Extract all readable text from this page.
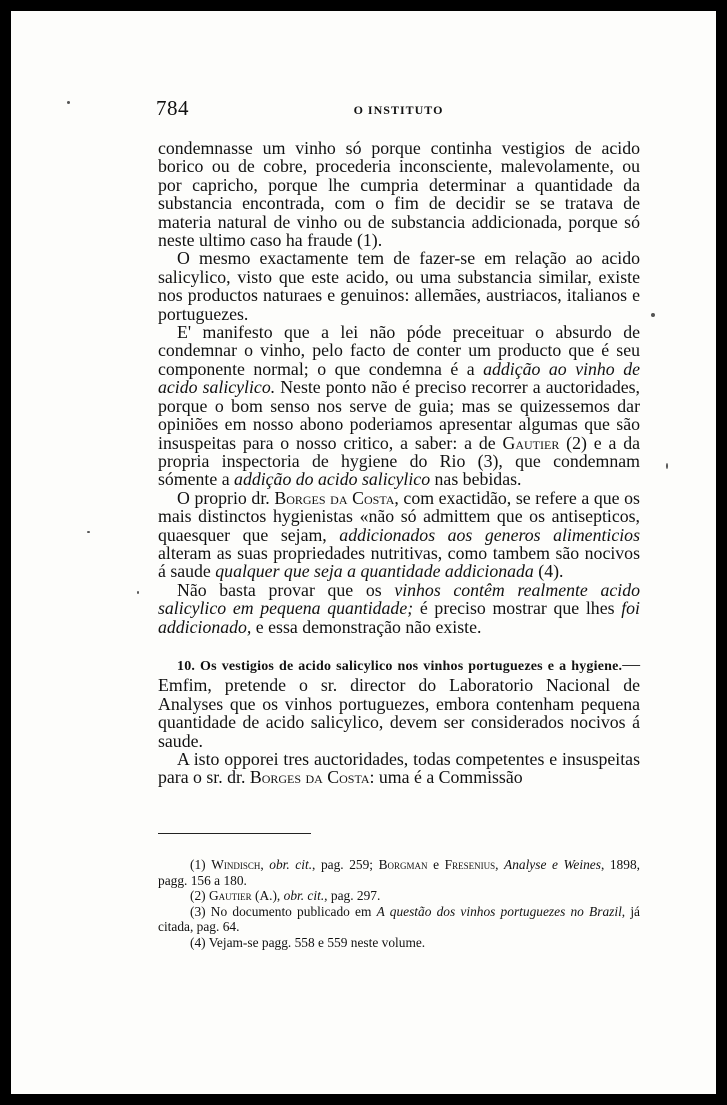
784	O INSTITUTO

condemnasse um vinho só porque continha vestigios de acido borico ou de cobre, procederia inconsciente, malevolamente, ou por capricho, porque lhe cumpria determinar a quantidade da substancia encontrada, com o fim de decidir se se tratava de materia natural de vinho ou de substancia addicionada, porque só neste ultimo caso ha fraude (1).

O mesmo exactamente tem de fazer-se em relação ao acido salicylico, visto que este acido, ou uma substancia similar, existe nos productos naturaes e genuinos: allemães, austriacos, italianos e portuguezes.

E' manifesto que a lei não póde preceituar o absurdo de condemnar o vinho, pelo facto de conter um producto que é seu componente normal; o que condemna é a addição ao vinho de acido salicylico. Neste ponto não é preciso recorrer a auctoridades, porque o bom senso nos serve de guia; mas se quizessemos dar opiniões em nosso abono poderiamos apresentar algumas que são insuspeitas para o nosso critico, a saber: a de Gautier (2) e a da propria inspectoria de hygiene do Rio (3), que condemnam sómente a addição do acido salicylico nas bebidas.

O proprio dr. Borges da Costa, com exactidão, se refere a que os mais distinctos hygienistas «não só admittem que os antisepticos, quaesquer que sejam, addicionados aos generos alimenticios alteram as suas propriedades nutritivas, como tambem são nocivos á saude qualquer que seja a quantidade addicionada (4).

Não basta provar que os vinhos contêm realmente acido salicylico em pequena quantidade; é preciso mostrar que lhes foi addicionado, e essa demonstração não existe.

10. Os vestigios de acido salicylico nos vinhos portuguezes e a hygiene.—Emfim, pretende o sr. director do Laboratorio Nacional de Analyses que os vinhos portuguezes, embora contenham pequena quantidade de acido salicylico, devem ser considerados nocivos á saude.

A isto opporei tres auctoridades, todas competentes e insuspeitas para o sr. dr. Borges da Costa: uma é a Commissão

(1) Windisch, obr. cit., pag. 259; Borgman e Fresenius, Analyse e Weines, 1898, pagg. 156 a 180.

(2) Gautier (A.), obr. cit., pag. 297.

(3) No documento publicado em A questão dos vinhos portuguezes no Brazil, já citada, pag. 64.

(4) Vejam-se pagg. 558 e 559 neste volume.
